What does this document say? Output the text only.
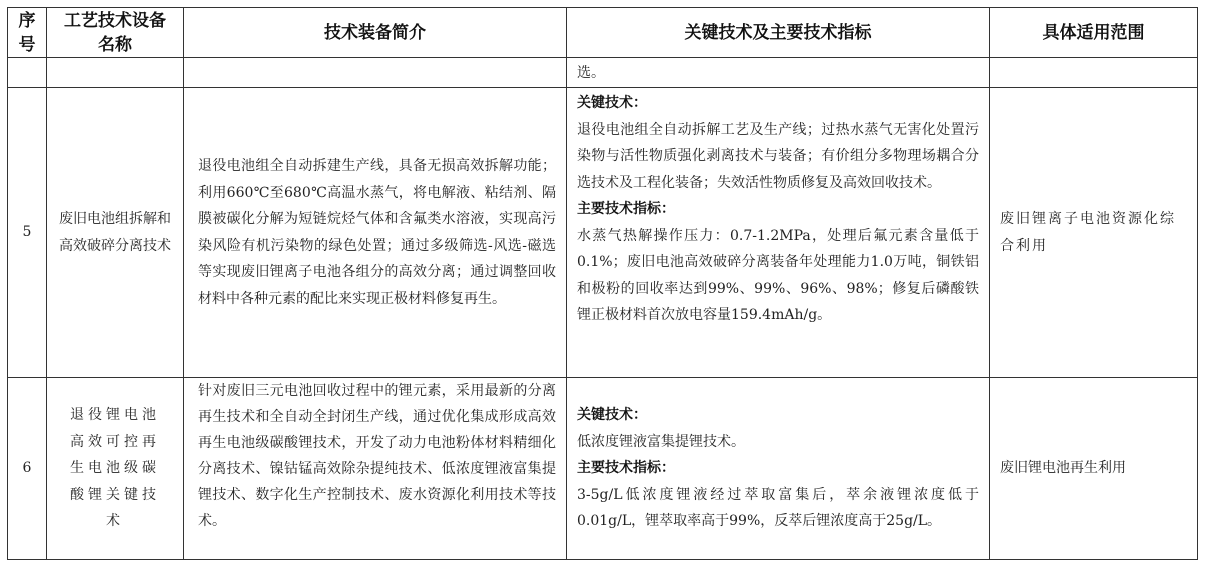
序号
工艺技术设备名称
技术装备简介	关键技术及主要技术指标	具体适用范围
选。
5
废旧电池组拆解和高效破碎分离技术
退役电池组全自动拆建生产线，具备无损高效拆解功能；利用660℃至680℃高温水蒸气，将电解液、粘结剂、隔膜被碳化分解为短链烷烃气体和含氟类水溶液，实现高污染风险有机污染物的绿色处置；通过多级筛选-风选-磁选等实现废旧锂离子电池各组分的高效分离；通过调整回收材料中各种元素的配比来实现正极材料修复再生。

关键技术：

退役电池组全自动拆解工艺及生产线；过热水蒸气无害化处置污染物与活性物质强化剥离技术与装备；有价组分多物理场耦合分选技术及工程化装备；失效活性物质修复及高效回收技术。

主要技术指标：

水蒸气热解操作压力：0.7-1.2MPa，处理后氟元素含量低于0.1%；废旧电池高效破碎分离装备年处理能力1.0万吨，铜铁铝和极粉的回收率达到99%、99%、96%、98%；修复后磷酸铁锂正极材料首次放电容量159.4mAh/g。

废旧锂离子电池资源化综合利用
6
退役锂电池高效可控再生电池级碳酸锂关键技术
针对废旧三元电池回收过程中的锂元素，采用最新的分离再生技术和全自动全封闭生产线，通过优化集成形成高效再生电池级碳酸锂技术，开发了动力电池粉体材料精细化分离技术、镍钴锰高效除杂提纯技术、低浓度锂液富集提锂技术、数字化生产控制技术、废水资源化利用技术等技术。

关键技术：

低浓度锂液富集提锂技术。

主要技术指标：

3-5g/L低浓度锂液经过萃取富集后，萃余液锂浓度低于0.01g/L，锂萃取率高于99%，反萃后锂浓度高于25g/L。

废旧锂电池再生利用
